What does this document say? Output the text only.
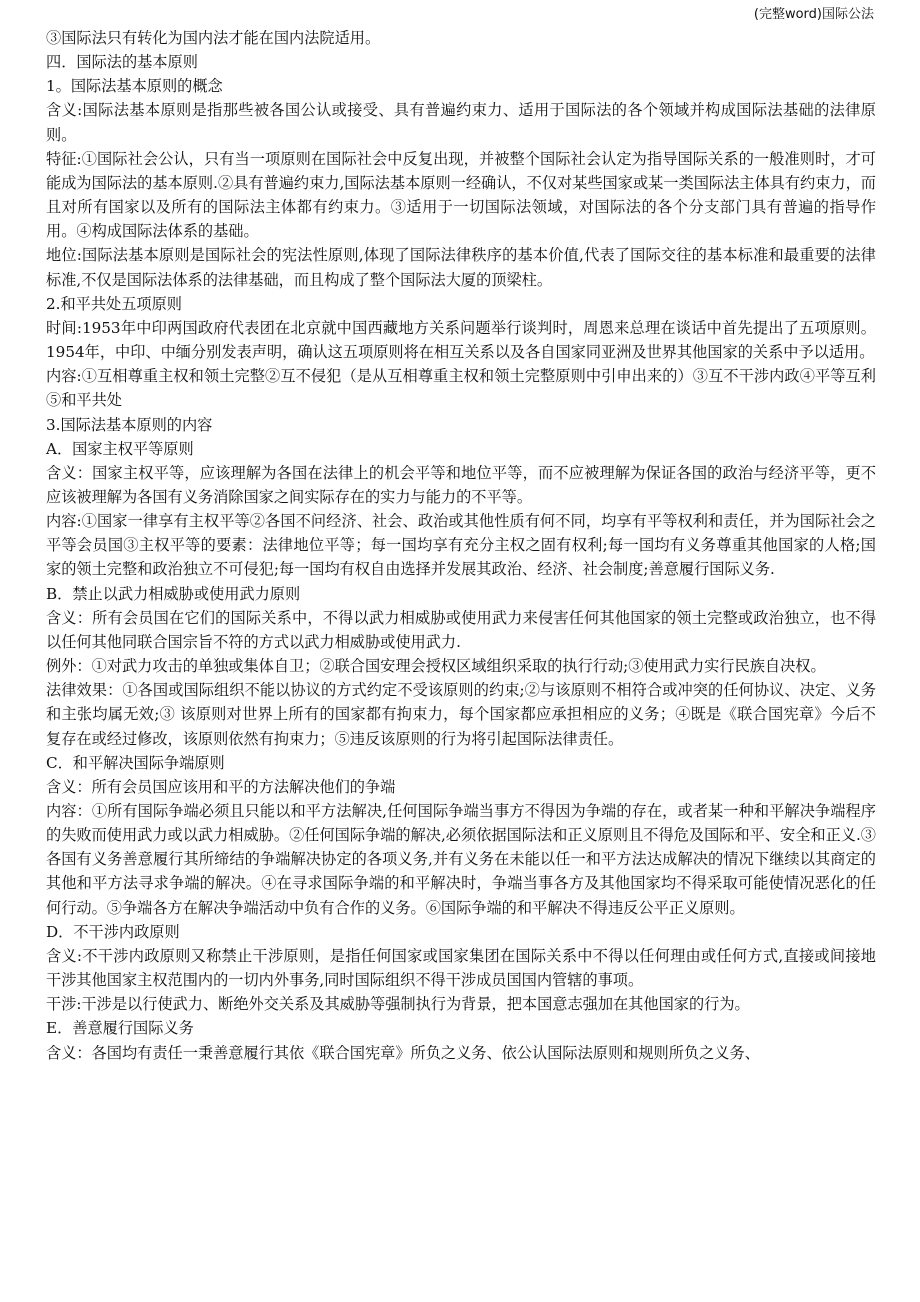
(完整word)国际公法

③国际法只有转化为国内法才能在国内法院适用。

四．国际法的基本原则

1。国际法基本原则的概念

含义:国际法基本原则是指那些被各国公认或接受、具有普遍约束力、适用于国际法的各个领域并构成国际法基础的法律原则。

特征:①国际社会公认，只有当一项原则在国际社会中反复出现，并被整个国际社会认定为指导国际关系的一般准则时，才可能成为国际法的基本原则.②具有普遍约束力,国际法基本原则一经确认，不仅对某些国家或某一类国际法主体具有约束力，而且对所有国家以及所有的国际法主体都有约束力。③适用于一切国际法领域，对国际法的各个分支部门具有普遍的指导作用。④构成国际法体系的基础。

地位:国际法基本原则是国际社会的宪法性原则,体现了国际法律秩序的基本价值,代表了国际交往的基本标准和最重要的法律标准,不仅是国际法体系的法律基础，而且构成了整个国际法大厦的顶梁柱。

2.和平共处五项原则

时间:1953年中印两国政府代表团在北京就中国西藏地方关系问题举行谈判时，周恩来总理在谈话中首先提出了五项原则。1954年，中印、中缅分别发表声明，确认这五项原则将在相互关系以及各自国家同亚洲及世界其他国家的关系中予以适用。

内容:①互相尊重主权和领土完整②互不侵犯（是从互相尊重主权和领土完整原则中引申出来的）③互不干涉内政④平等互利⑤和平共处

3.国际法基本原则的内容

A．国家主权平等原则

含义：国家主权平等，应该理解为各国在法律上的机会平等和地位平等，而不应被理解为保证各国的政治与经济平等，更不应该被理解为各国有义务消除国家之间实际存在的实力与能力的不平等。

内容:①国家一律享有主权平等②各国不问经济、社会、政治或其他性质有何不同，均享有平等权利和责任，并为国际社会之平等会员国③主权平等的要素：法律地位平等；每一国均享有充分主权之固有权利;每一国均有义务尊重其他国家的人格;国家的领土完整和政治独立不可侵犯;每一国均有权自由选择并发展其政治、经济、社会制度;善意履行国际义务.

B．禁止以武力相威胁或使用武力原则

含义：所有会员国在它们的国际关系中，不得以武力相威胁或使用武力来侵害任何其他国家的领土完整或政治独立，也不得以任何其他同联合国宗旨不符的方式以武力相威胁或使用武力.

例外：①对武力攻击的单独或集体自卫；②联合国安理会授权区域组织采取的执行行动;③使用武力实行民族自决权。

法律效果：①各国或国际组织不能以协议的方式约定不受该原则的约束;②与该原则不相符合或冲突的任何协议、决定、义务和主张均属无效;③ 该原则对世界上所有的国家都有拘束力，每个国家都应承担相应的义务；④既是《联合国宪章》今后不复存在或经过修改，该原则依然有拘束力；⑤违反该原则的行为将引起国际法律责任。

C．和平解决国际争端原则

含义：所有会员国应该用和平的方法解决他们的争端

内容：①所有国际争端必须且只能以和平方法解决,任何国际争端当事方不得因为争端的存在，或者某一种和平解决争端程序的失败而使用武力或以武力相威胁。②任何国际争端的解决,必须依据国际法和正义原则且不得危及国际和平、安全和正义.③各国有义务善意履行其所缔结的争端解决协定的各项义务,并有义务在未能以任一和平方法达成解决的情况下继续以其商定的其他和平方法寻求争端的解决。④在寻求国际争端的和平解决时，争端当事各方及其他国家均不得采取可能使情况恶化的任何行动。⑤争端各方在解决争端活动中负有合作的义务。⑥国际争端的和平解决不得违反公平正义原则。

D．不干涉内政原则

含义:不干涉内政原则又称禁止干涉原则，是指任何国家或国家集团在国际关系中不得以任何理由或任何方式,直接或间接地干涉其他国家主权范围内的一切内外事务,同时国际组织不得干涉成员国国内管辖的事项。

干涉:干涉是以行使武力、断绝外交关系及其威胁等强制执行为背景，把本国意志强加在其他国家的行为。

E．善意履行国际义务

含义：各国均有责任一秉善意履行其依《联合国宪章》所负之义务、依公认国际法原则和规则所负之义务、
